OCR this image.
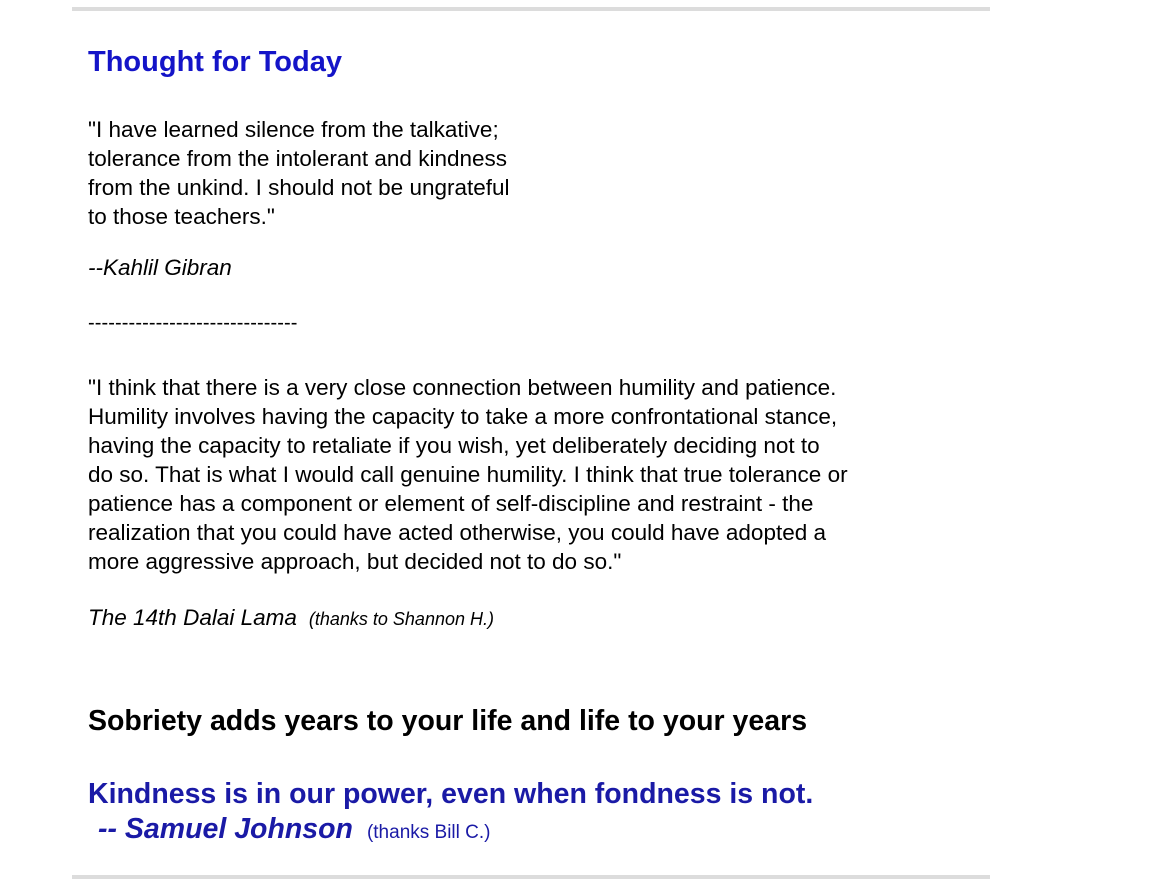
Thought for Today
"I have learned silence from the talkative;
tolerance from the intolerant and kindness
from the unkind. I should not be ungrateful
to those teachers."
--Kahlil Gibran
-------------------------------
"I think that there is a very close connection between humility and patience.
Humility involves having the capacity to take a more confrontational stance,
having the capacity to retaliate if you wish, yet deliberately deciding not to
do so. That is what I would call genuine humility. I think that true tolerance or
patience has a component or element of self-discipline and restraint - the
realization that you could have acted otherwise, you could have adopted a
more aggressive approach, but decided not to do so."
The 14th Dalai Lama (thanks to Shannon H.)
Sobriety adds years to your life and life to your years
Kindness is in our power, even when fondness is not.
-- Samuel Johnson (thanks Bill C.)
